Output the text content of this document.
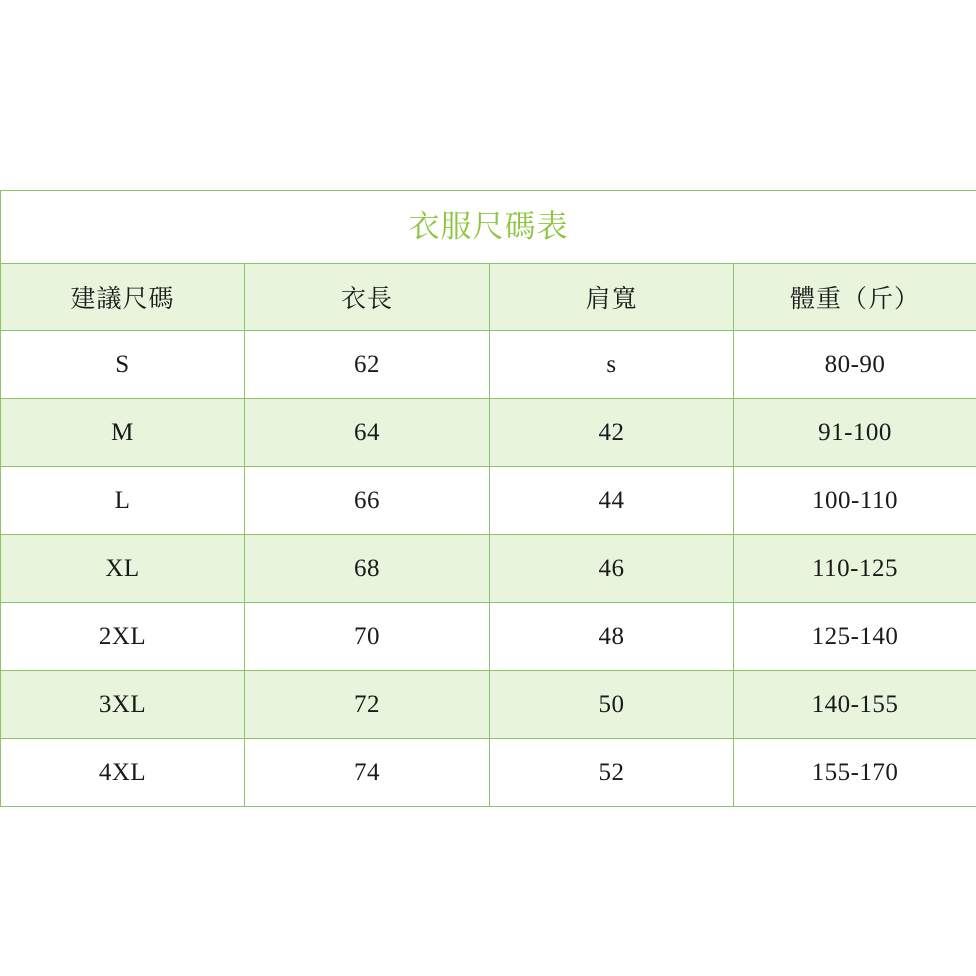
衣服尺碼表			
建議尺碼	衣長	肩寬	體重（斤）
S	62	s	80-90
M	64	42	91-100
L	66	44	100-110
XL	68	46	110-125
2XL	70	48	125-140
3XL	72	50	140-155
4XL	74	52	155-170
